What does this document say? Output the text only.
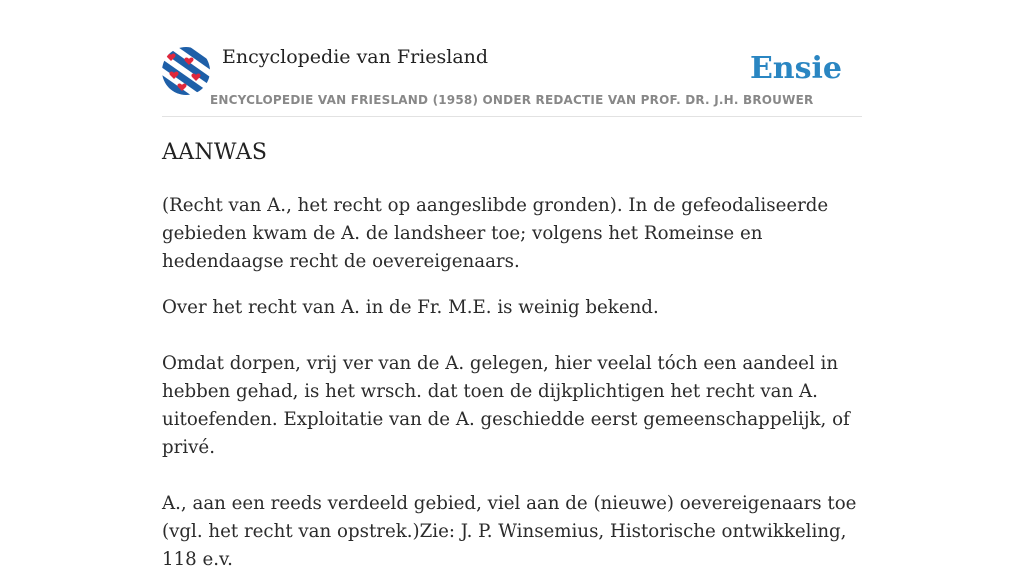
Encyclopedie van Friesland
ENCYCLOPEDIE VAN FRIESLAND (1958) ONDER REDACTIE VAN PROF. DR. J.H. BROUWER
Ensie
AANWAS

(Recht van A., het recht op aangeslibde gronden). In de gefeodaliseerde gebieden kwam de A. de landsheer toe; volgens het Romeinse en hedendaagse recht de oevereigenaars.

Over het recht van A. in de Fr. M.E. is weinig bekend.

Omdat dorpen, vrij ver van de A. gelegen, hier veelal tóch een aandeel in hebben gehad, is het wrsch. dat toen de dijkplichtigen het recht van A. uitoefenden. Exploitatie van de A. geschiedde eerst gemeenschappelijk, of privé.

A., aan een reeds verdeeld gebied, viel aan de (nieuwe) oevereigenaars toe (vgl. het recht van opstrek.)Zie: J. P. Winsemius, Historische ontwikkeling, 118 e.v.
